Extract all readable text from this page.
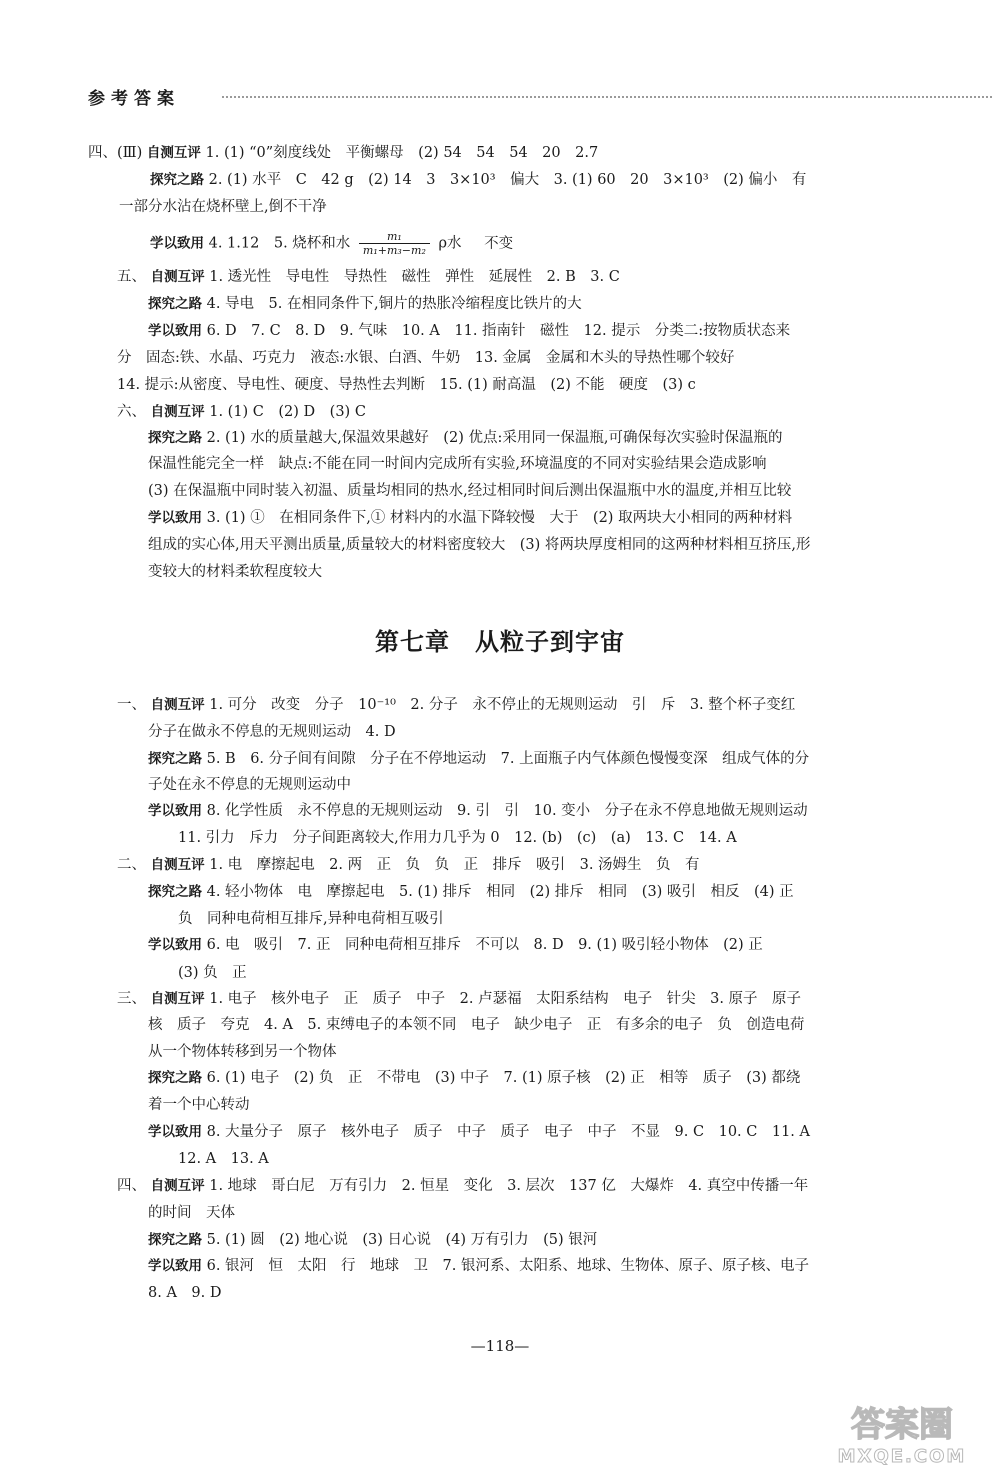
参考答案
四、(Ⅲ) 自测互评 1. (1) “0”刻度线处　平衡螺母　(2) 54　54　54　20　2.7
探究之路 2. (1) 水平　C　42 g　(2) 14　3　3×10³　偏大　3. (1) 60　20　3×10³　(2) 偏小　有
一部分水沾在烧杯壁上,倒不干净
学以致用 4. 1.12　5. 烧杯和水 $\frac{\text{m₁}}{\text{m₁+m₃−m₂}}$ ρ水 不变
五、 自测互评 1. 透光性　导电性　导热性　磁性　弹性　延展性　2. B　3. C
探究之路 4. 导电　5. 在相同条件下,铜片的热胀冷缩程度比铁片的大
学以致用 6. D　7. C　8. D　9. 气味　10. A　11. 指南针　磁性　12. 提示　分类二:按物质状态来
分　固态:铁、水晶、巧克力　液态:水银、白酒、牛奶　13. 金属　金属和木头的导热性哪个较好
14. 提示:从密度、导电性、硬度、导热性去判断　15. (1) 耐高温　(2) 不能　硬度　(3) c
六、 自测互评 1. (1) C　(2) D　(3) C
探究之路 2. (1) 水的质量越大,保温效果越好　(2) 优点:采用同一保温瓶,可确保每次实验时保温瓶的
保温性能完全一样　缺点:不能在同一时间内完成所有实验,环境温度的不同对实验结果会造成影响
(3) 在保温瓶中同时装入初温、质量均相同的热水,经过相同时间后测出保温瓶中水的温度,并相互比较
学以致用 3. (1) ①　在相同条件下,① 材料内的水温下降较慢　大于　(2) 取两块大小相同的两种材料
组成的实心体,用天平测出质量,质量较大的材料密度较大　(3) 将两块厚度相同的这两种材料相互挤压,形
变较大的材料柔软程度较大
第七章　从粒子到宇宙
一、 自测互评 1. 可分　改变　分子　10⁻¹⁰　2. 分子　永不停止的无规则运动　引　斥　3. 整个杯子变红
分子在做永不停息的无规则运动　4. D
探究之路 5. B　6. 分子间有间隙　分子在不停地运动　7. 上面瓶子内气体颜色慢慢变深　组成气体的分
子处在永不停息的无规则运动中
学以致用 8. 化学性质　永不停息的无规则运动　9. 引　引　10. 变小　分子在永不停息地做无规则运动
11. 引力　斥力　分子间距离较大,作用力几乎为 0　12. (b)　(c)　(a)　13. C　14. A
二、 自测互评 1. 电　摩擦起电　2. 两　正　负　负　正　排斥　吸引　3. 汤姆生　负　有
探究之路 4. 轻小物体　电　摩擦起电　5. (1) 排斥　相同　(2) 排斥　相同　(3) 吸引　相反　(4) 正
负　同种电荷相互排斥,异种电荷相互吸引
学以致用 6. 电　吸引　7. 正　同种电荷相互排斥　不可以　8. D　9. (1) 吸引轻小物体　(2) 正
(3) 负　正
三、 自测互评 1. 电子　核外电子　正　质子　中子　2. 卢瑟福　太阳系结构　电子　针尖　3. 原子　原子
核　质子　夸克　4. A　5. 束缚电子的本领不同　电子　缺少电子　正　有多余的电子　负　创造电荷
从一个物体转移到另一个物体
探究之路 6. (1) 电子　(2) 负　正　不带电　(3) 中子　7. (1) 原子核　(2) 正　相等　质子　(3) 都绕
着一个中心转动
学以致用 8. 大量分子　原子　核外电子　质子　中子　质子　电子　中子　不显　9. C　10. C　11. A
12. A　13. A
四、 自测互评 1. 地球　哥白尼　万有引力　2. 恒星　变化　3. 层次　137 亿　大爆炸　4. 真空中传播一年
的时间　天体
探究之路 5. (1) 圆　(2) 地心说　(3) 日心说　(4) 万有引力　(5) 银河
学以致用 6. 银河　恒　太阳　行　地球　卫　7. 银河系、太阳系、地球、生物体、原子、原子核、电子
8. A　9. D
—118—
答案圈
MXQE.COM
